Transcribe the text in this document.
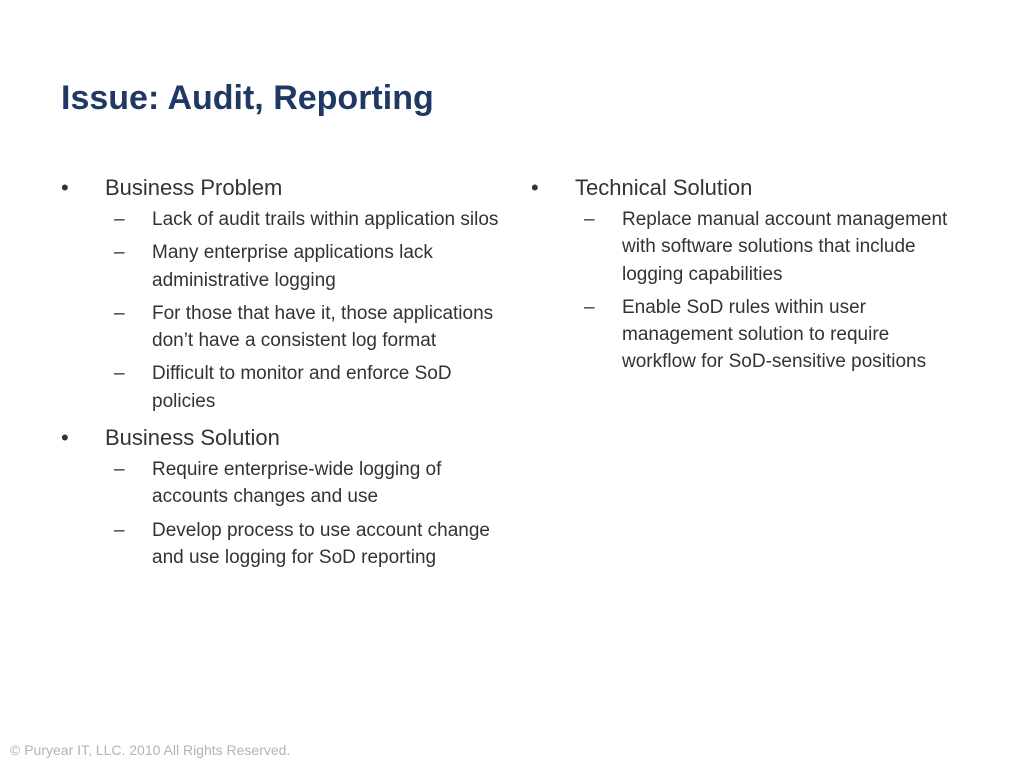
Issue: Audit, Reporting
• Business Problem
– Lack of audit trails within application silos
– Many enterprise applications lack administrative logging
– For those that have it, those applications don’t have a consistent log format
– Difficult to monitor and enforce SoD policies
• Business Solution
– Require enterprise-wide logging of accounts changes and use
– Develop process to use account change and use logging for SoD reporting
• Technical Solution
– Replace manual account management with software solutions that include logging capabilities
– Enable SoD rules within user management solution to require workflow for SoD-sensitive positions
© Puryear IT, LLC. 2010 All Rights Reserved.
